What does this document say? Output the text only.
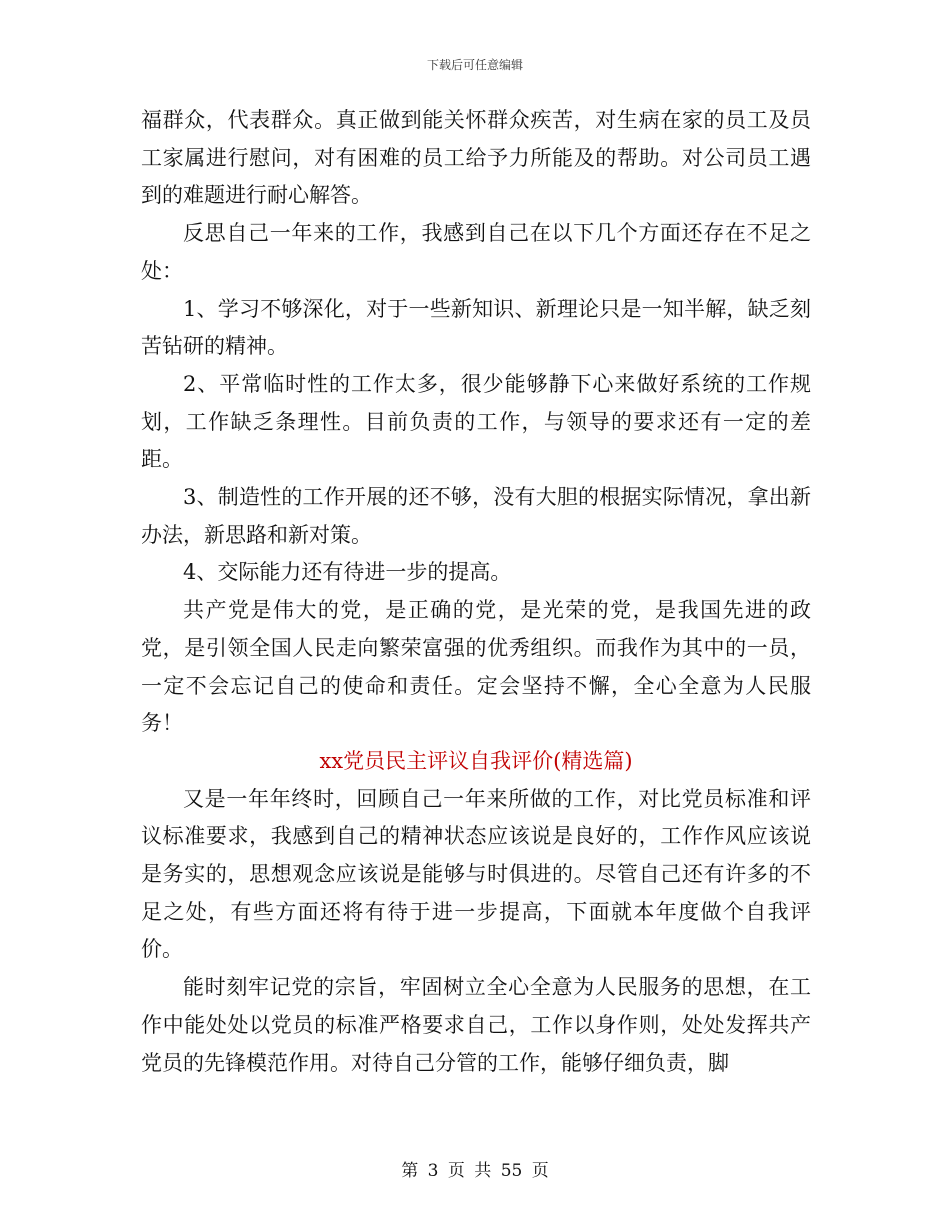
下载后可任意编辑

福群众，代表群众。真正做到能关怀群众疾苦，对生病在家的员工及员工家属进行慰问，对有困难的员工给予力所能及的帮助。对公司员工遇到的难题进行耐心解答。

反思自己一年来的工作，我感到自己在以下几个方面还存在不足之处：

1、学习不够深化，对于一些新知识、新理论只是一知半解，缺乏刻苦钻研的精神。

2、平常临时性的工作太多，很少能够静下心来做好系统的工作规划，工作缺乏条理性。目前负责的工作，与领导的要求还有一定的差距。

3、制造性的工作开展的还不够，没有大胆的根据实际情况，拿出新办法，新思路和新对策。

4、交际能力还有待进一步的提高。

共产党是伟大的党，是正确的党，是光荣的党，是我国先进的政党，是引领全国人民走向繁荣富强的优秀组织。而我作为其中的一员，一定不会忘记自己的使命和责任。定会坚持不懈，全心全意为人民服务！

xx党员民主评议自我评价(精选篇)

又是一年年终时，回顾自己一年来所做的工作，对比党员标准和评议标准要求，我感到自己的精神状态应该说是良好的，工作作风应该说是务实的，思想观念应该说是能够与时俱进的。尽管自己还有许多的不足之处，有些方面还将有待于进一步提高，下面就本年度做个自我评价。

能时刻牢记党的宗旨，牢固树立全心全意为人民服务的思想，在工作中能处处以党员的标准严格要求自己，工作以身作则，处处发挥共产党员的先锋模范作用。对待自己分管的工作，能够仔细负责，脚

第 3 页 共 55 页
